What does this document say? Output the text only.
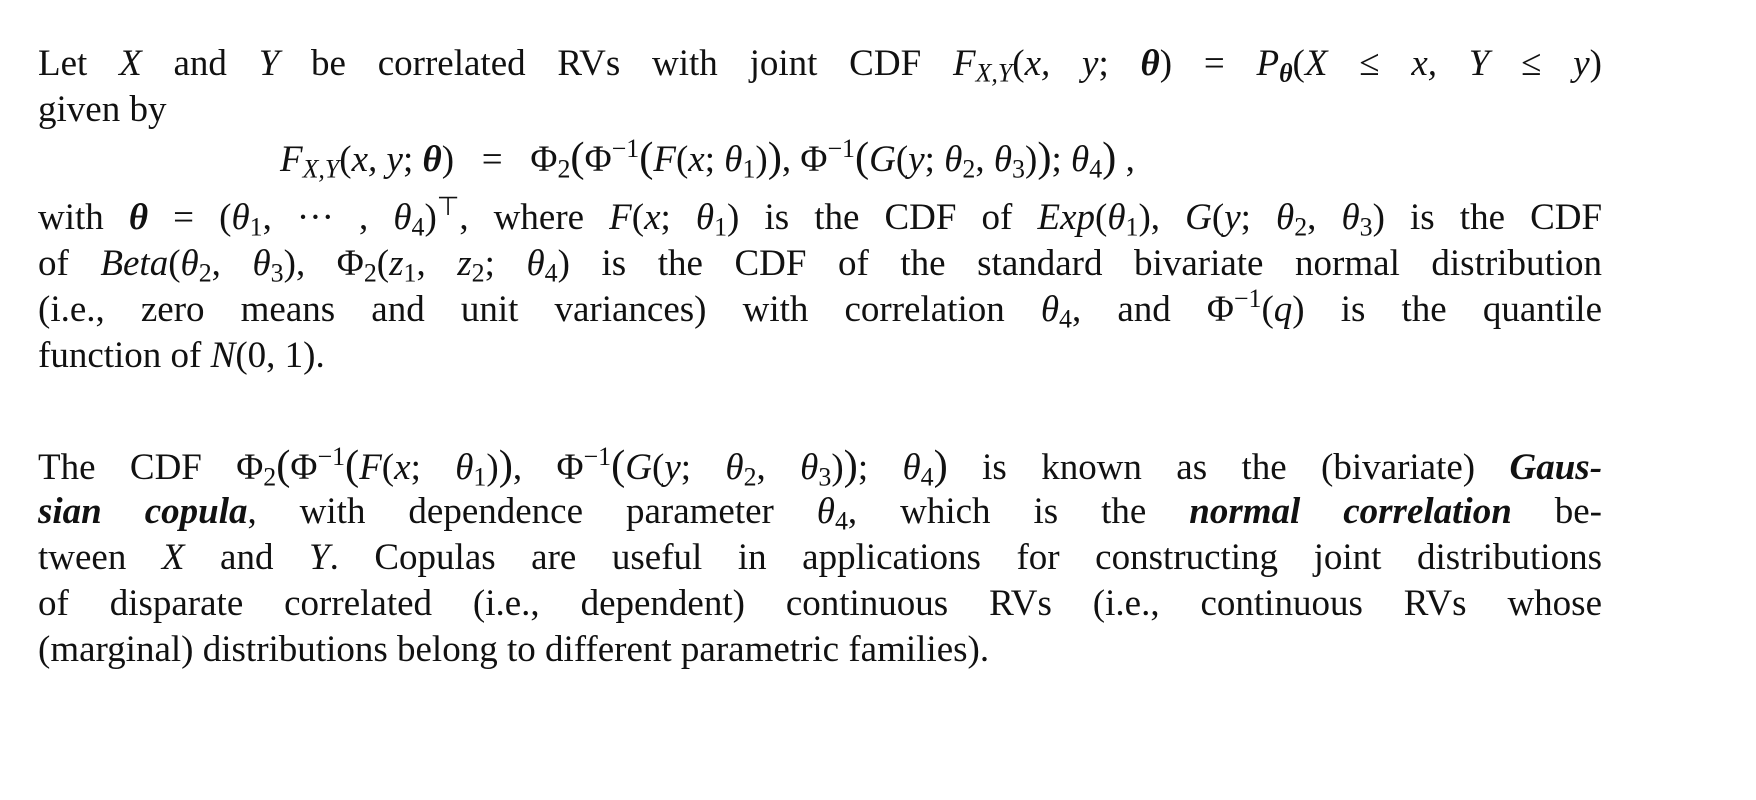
Let X and Y be correlated RVs with joint CDF $F_{X,Y}(x$, y; $\theta) = P_\theta(X \le x$, Y ≤ y)
given by
$F_{X,Y}(x$, y; $\theta) = \Phi_2(\Phi^{-1}(F(x$; $\theta_1$)), $\Phi^{-1}(G(y$; $\theta_2$, $\theta_3$)); $\theta_4$) ,
with $\theta = (\theta_1$, ··· , $\theta_4)^⊤$, where F(x; $\theta_1$) is the CDF of $Exp(\theta_1)$, G(y; $\theta_2$, $\theta_3$) is the CDF
of $Beta(\theta_2$, $\theta_3$), $\Phi_2(z_1$, $z_2$; $\theta_4$) is the CDF of the standard bivariate normal distribution
(i.e., zero means and unit variances) with correlation $\theta_4$, and $\Phi^{-1}(q)$ is the quantile
function of N(0, 1).
The CDF $\Phi_2(\Phi^{-1}(F(x$; $\theta_1$)), $\Phi^{-1}(G(y$; $\theta_2$, $\theta_3$)); $\theta_4$) is known as the (bivariate) Gaus-
sian copula, with dependence parameter $\theta_4$, which is the normal correlation be-
tween X and Y. Copulas are useful in applications for constructing joint distributions
of disparate correlated (i.e., dependent) continuous RVs (i.e., continuous RVs whose
(marginal) distributions belong to different parametric families).
